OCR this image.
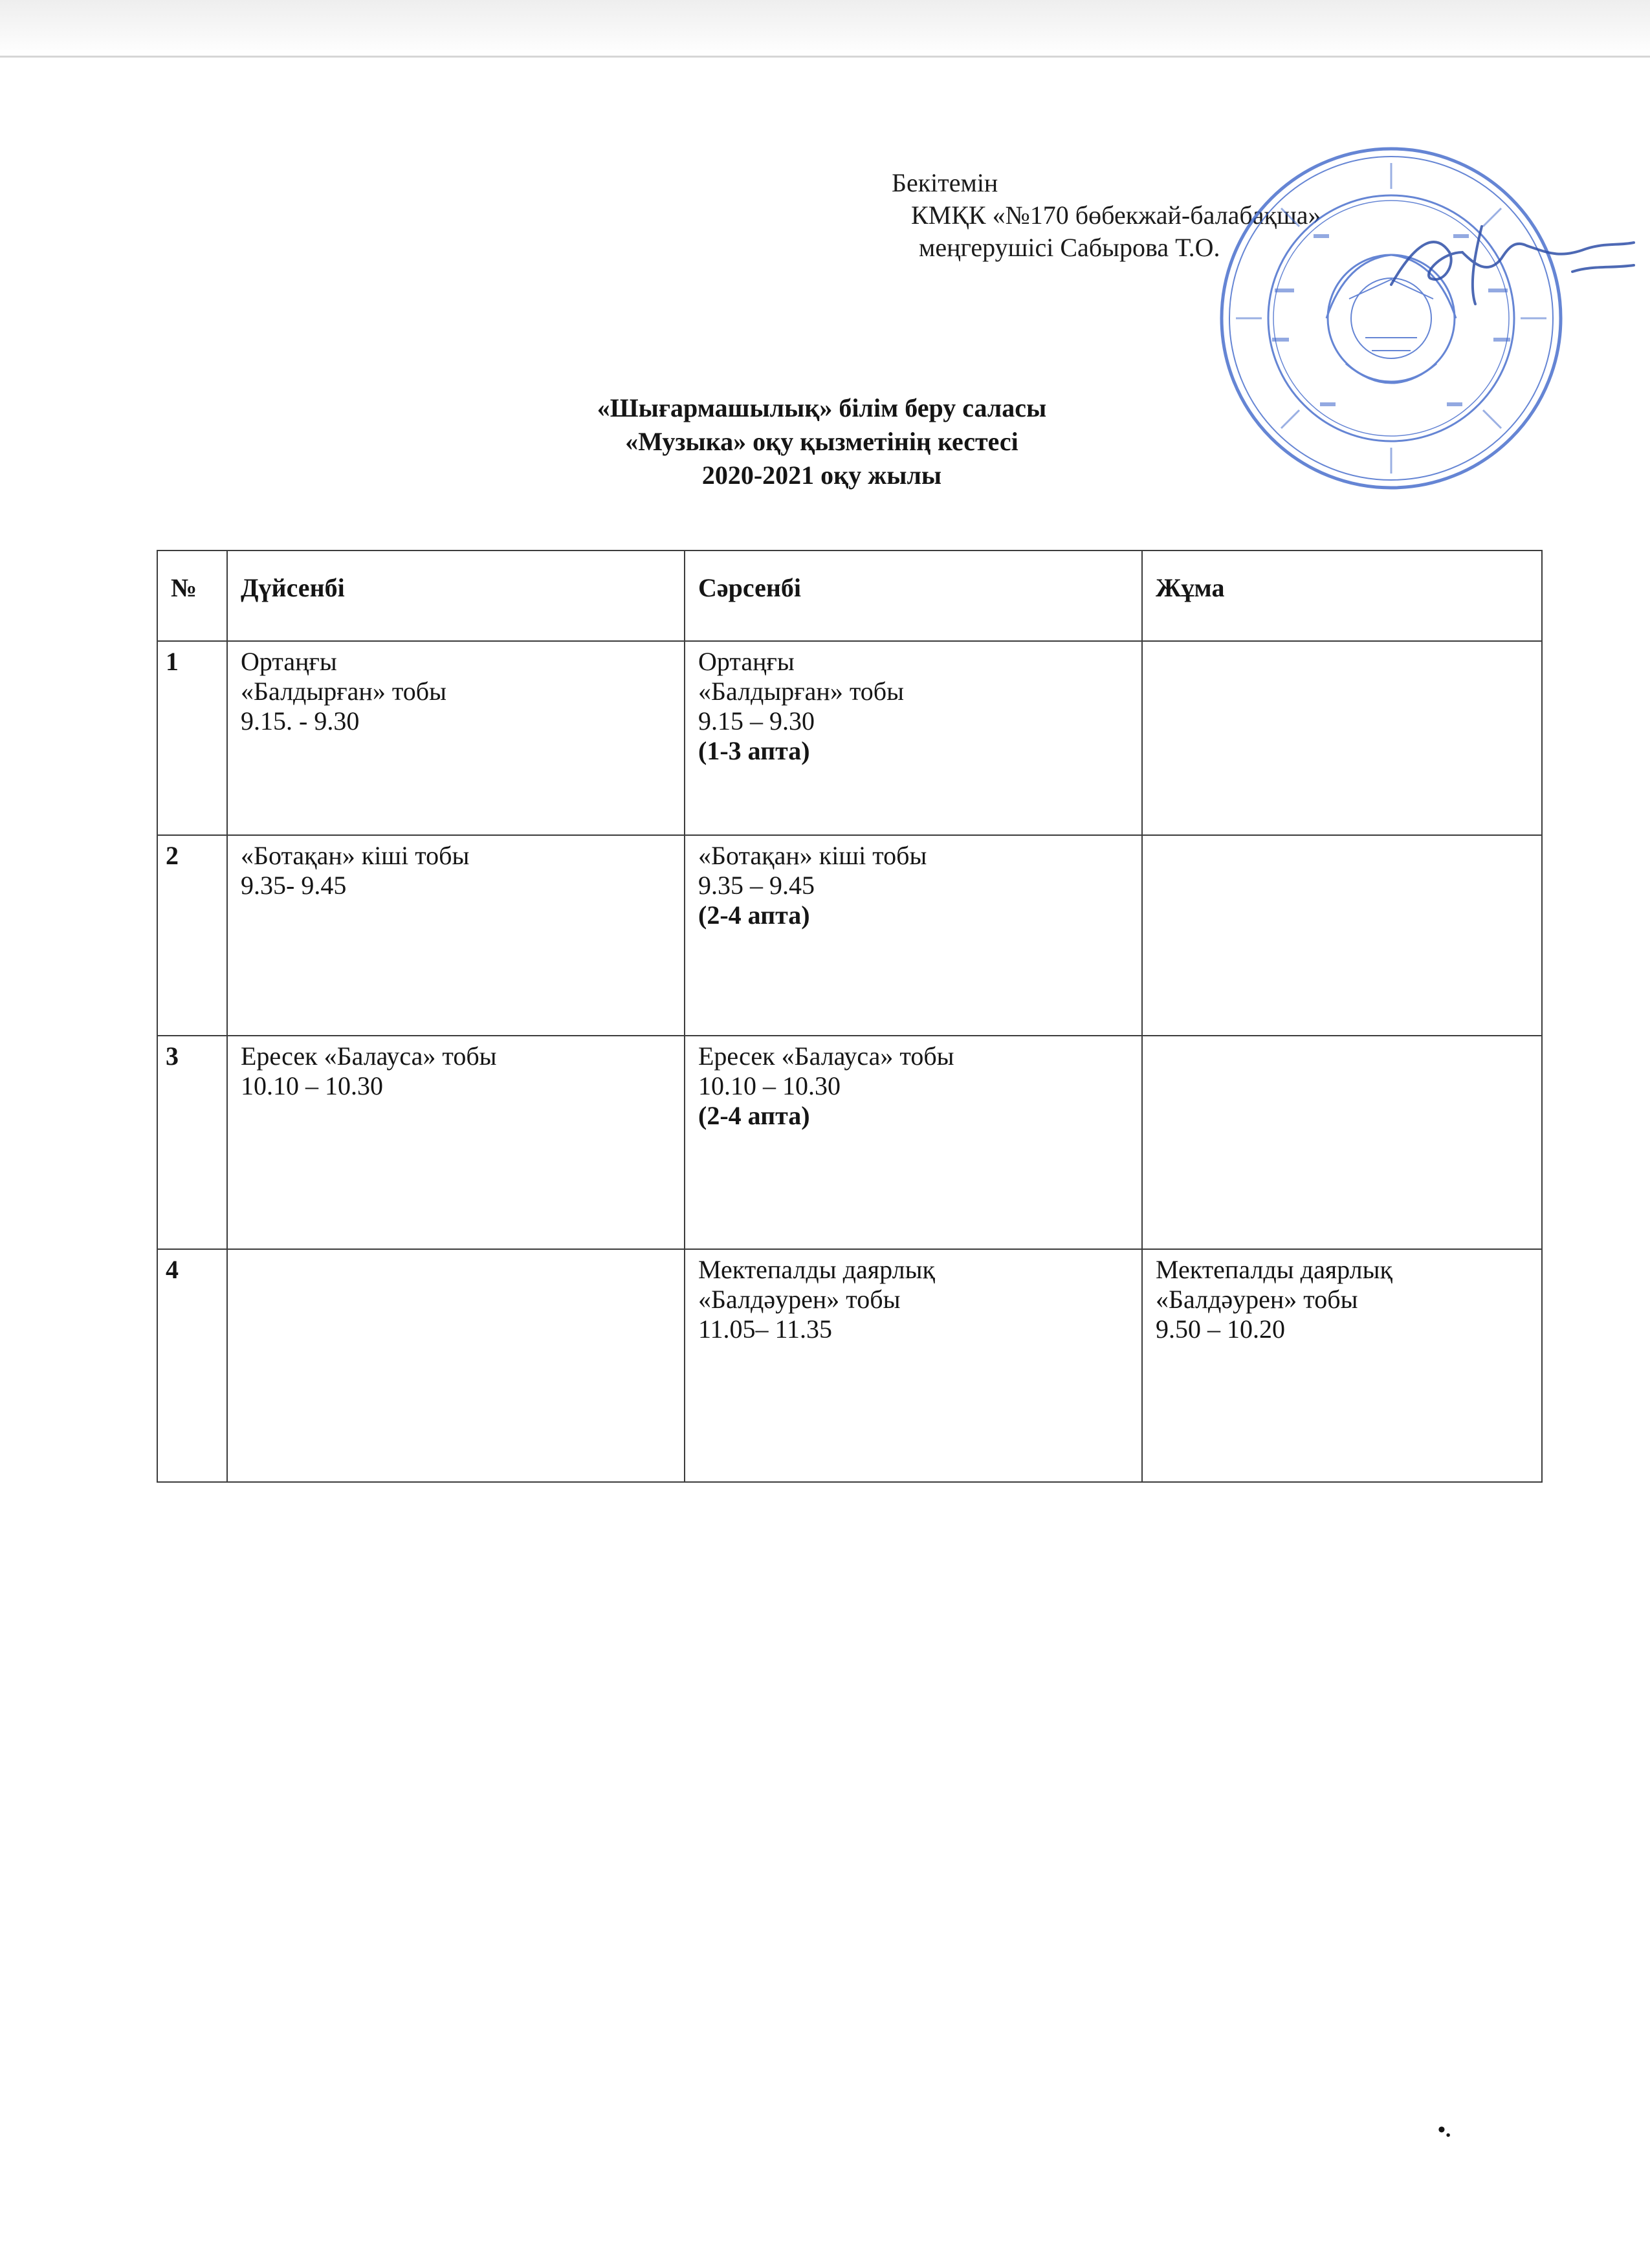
Бекітемін
КМҚК «№170 бөбекжай-балабақша»
меңгерушісі Сабырова Т.О.
«Шығармашылық» білім беру саласы
«Музыка» оқу қызметінің кестесі
2020-2021 оқу жылы
№	Дүйсенбі	Сәрсенбі	Жұма
1	Ортаңғы
«Балдырған» тобы
9.15. - 9.30	Ортаңғы
«Балдырған» тобы
9.15 – 9.30
(1-3 апта)	

2	«Ботақан» кіші тобы
9.35- 9.45	«Ботақан» кіші тобы
9.35 – 9.45
(2-4 апта)	

3	Ересек «Балауса» тобы
10.10 – 10.30	Ересек «Балауса» тобы
10.10 – 10.30
(2-4 апта)	

4		Мектепалды даярлық
«Балдәурен» тобы
11.05– 11.35	Мектепалды даярлық
«Балдәурен» тобы
9.50 – 10.20
•.
